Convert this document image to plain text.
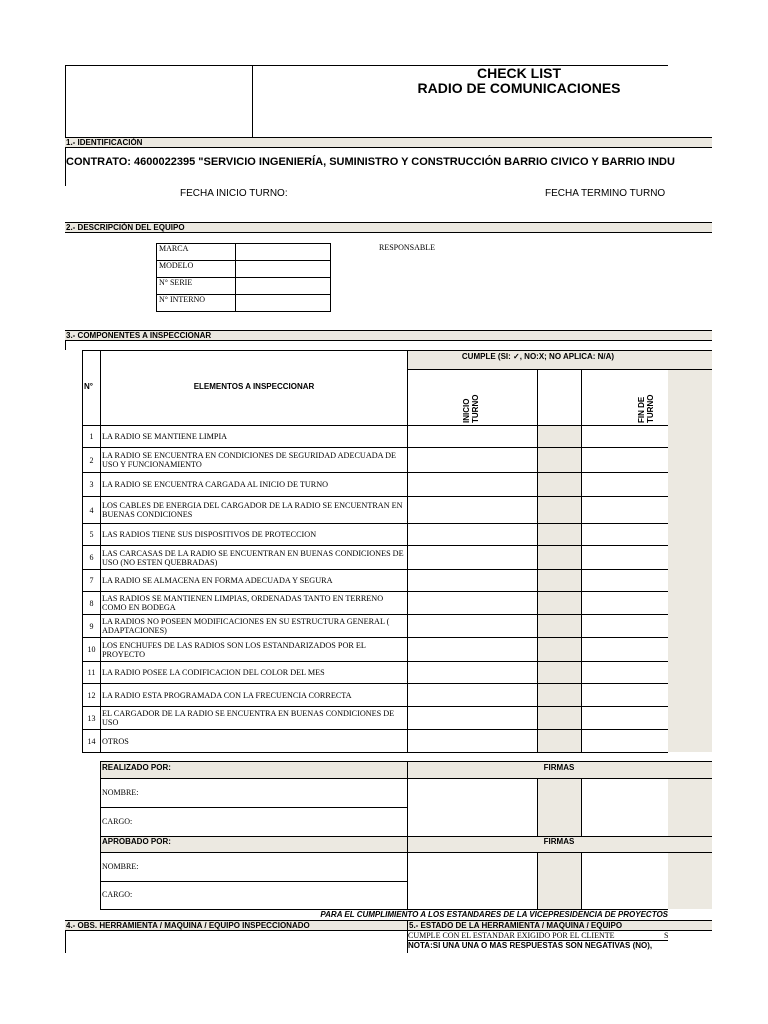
CHECK LIST
RADIO DE COMUNICACIONES
1.- IDENTIFICACIÓN
CONTRATO: 4600022395 "SERVICIO INGENIERÍA, SUMINISTRO Y CONSTRUCCIÓN BARRIO CIVICO Y BARRIO INDU
FECHA INICIO TURNO:	FECHA TERMINO TURNO
2.- DESCRIPCIÓN DEL EQUIPO
MARCA	
MODELO	
N° SERIE	
N° INTERNO	
RESPONSABLE
3.- COMPONENTES A INSPECCIONAR
CUMPLE (SI: ✓, NO:X; NO APLICA: N/A)
N°	ELEMENTOS A INSPECCIONAR
INICIO TURNO	FIN DE TURNO
1	LA RADIO SE MANTIENE LIMPIA
2	LA RADIO SE ENCUENTRA EN CONDICIONES DE SEGURIDAD ADECUADA DE USO Y FUNCIONAMIENTO
3	LA RADIO SE ENCUENTRA CARGADA AL INICIO DE TURNO
4	LOS CABLES DE ENERGIA DEL CARGADOR DE LA RADIO SE ENCUENTRAN EN BUENAS CONDICIONES
5	LAS RADIOS TIENE SUS DISPOSITIVOS DE PROTECCION
6	LAS CARCASAS DE LA RADIO SE ENCUENTRAN EN BUENAS CONDICIONES DE USO (NO ESTEN QUEBRADAS)
7	LA RADIO SE ALMACENA EN FORMA ADECUADA Y SEGURA
8	LAS RADIOS SE MANTIENEN LIMPIAS, ORDENADAS TANTO EN TERRENO COMO EN BODEGA
9	LA RADIOS NO POSEEN MODIFICACIONES EN SU ESTRUCTURA GENERAL ( ADAPTACIONES)
10 LOS ENCHUFES DE LAS RADIOS SON LOS ESTANDARIZADOS POR EL PROYECTO
11 LA RADIO POSEE LA CODIFICACION DEL COLOR DEL MES
12 LA RADIO ESTA PROGRAMADA CON LA FRECUENCIA CORRECTA
13 EL CARGADOR DE LA RADIO SE ENCUENTRA EN BUENAS CONDICIONES DE USO
14 OTROS
REALIZADO POR:	FIRMAS
NOMBRE:
CARGO:
APROBADO POR:	FIRMAS
NOMBRE:
CARGO:
PARA EL CUMPLIMIENTO A LOS ESTANDARES DE LA VICEPRESIDENCIA DE PROYECTOS
4.- OBS. HERRAMIENTA / MAQUINA / EQUIPO INSPECCIONADO	5.- ESTADO DE LA HERRAMIENTA / MAQUINA / EQUIPO
CUMPLE CON EL ESTANDAR EXIGIDO POR EL CLIENTE	S
NOTA:SI UNA UNA O MAS RESPUESTAS SON NEGATIVAS (NO),
